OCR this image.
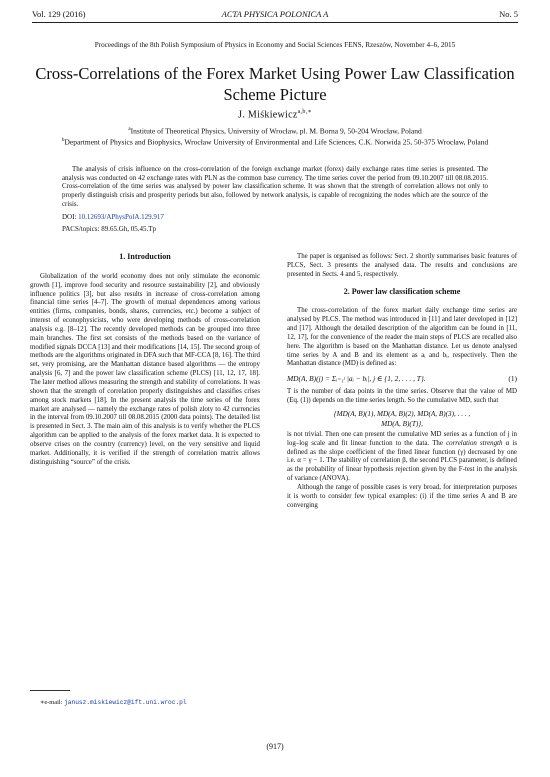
Vol. 129 (2016)	ACTA PHYSICA POLONICA A	No. 5
Proceedings of the 8th Polish Symposium of Physics in Economy and Social Sciences FENS, Rzeszów, November 4–6, 2015
Cross-Correlations of the Forex Market Using Power Law Classification Scheme Picture
J. Miśkiewicz$^{a,b,∗}$
$^a$Institute of Theoretical Physics, University of Wrocław, pl. M. Borna 9, 50-204 Wrocław, Poland
$^b$Department of Physics and Biophysics, Wrocław University of Environmental and Life Sciences, C.K. Norwida 25, 50-375 Wrocław, Poland

The analysis of crisis influence on the cross-correlation of the foreign exchange market (forex) daily exchange rates time series is presented. The analysis was conducted on 42 exchange rates with PLN as the common base currency. The time series cover the period from 09.10.2007 till 08.08.2015. Cross-correlation of the time series was analysed by power law classification scheme. It was shown that the strength of correlation allows not only to properly distinguish crisis and prosperity periods but also, followed by network analysis, is capable of recognizing the nodes which are the source of the crisis.

DOI: 10.12693/APhysPolA.129.917
PACS/topics: 89.65.Gh, 05.45.Tp
1. Introduction

Globalization of the world economy does not only stimulate the economic growth [1], improve food security and resource sustainability [2], and obviously influence politics [3], but also results in increase of cross-correlation among financial time series [4–7]. The growth of mutual dependences among various entities (firms, companies, bonds, shares, currencies, etc.) become a subject of interest of econophysicists, who were developing methods of cross-correlation analysis e.g. [8–12]. The recently developed methods can be grouped into three main branches. The first set consists of the methods based on the variance of modified signals DCCA [13] and their modifications [14, 15]. The second group of methods are the algorithms originated in DFA such that MF-CCA [8, 16]. The third set, very promising, are the Manhattan distance based algorithms — the entropy analysis [6, 7] and the power law classification scheme (PLCS) [11, 12, 17, 18]. The later method allows measuring the strength and stability of correlations. It was shown that the strength of correlation properly distinguishes and classifies crises among stock markets [18]. In the present analysis the time series of the forex market are analysed — namely the exchange rates of polish zloty to 42 currencies in the interval from 09.10.2007 till 08.08.2015 (2000 data points). The detailed list is presented in Sect. 3. The main aim of this analysis is to verify whether the PLCS algorithm can be applied to the analysis of the forex market data. It is expected to observe crises on the country (currency) level, on the very sensitive and liquid market. Additionally, it is verified if the strength of correlation matrix allows distinguishing “source” of the crisis.

The paper is organised as follows: Sect. 2 shortly summarises basic features of PLCS, Sect. 3 presents the analysed data. The results and conclusions are presented in Sects. 4 and 5, respectively.

2. Power law classification scheme

The cross-correlation of the forex market daily exchange time series are analysed by PLCS. The method was introduced in [11] and later developed in [12] and [17]. Although the detailed description of the algorithm can be found in [11, 12, 17], for the convenience of the reader the main steps of PLCS are recalled also here. The algorithm is based on the Manhattan distance. Let us denote analysed time series by A and B and its element as aᵢ and bᵢ, respectively. Then the Manhattan distance (MD) is defined as:

MD(A, B)(j) = Σᵢ₌₁ʲ |aᵢ − bᵢ|, j ∈ {1, 2, . . . , T}.	(1)

T is the number of data points in the time series. Observe that the value of MD (Eq. (1)) depends on the time series length. So the cumulative MD, such that

{MD(A, B)(1), MD(A, B)(2), MD(A, B)(3), . . . ,
MD(A, B)(T)},

is not trivial. Then one can present the cumulative MD series as a function of j in log–log scale and fit linear function to the data. The correlation strength α is defined as the slope coefficient of the fitted linear function (γ) decreased by one i.e. α = γ − 1. The stability of correlation β, the second PLCS parameter, is defined as the probability of linear hypothesis rejection given by the F-test in the analysis of variance (ANOVA).

Although the range of possible cases is very broad, for interpretation purposes it is worth to consider few typical examples: (i) if the time series A and B are converging

∗e-mail: janusz.miskiewicz@ift.uni.wroc.pl
(917)
